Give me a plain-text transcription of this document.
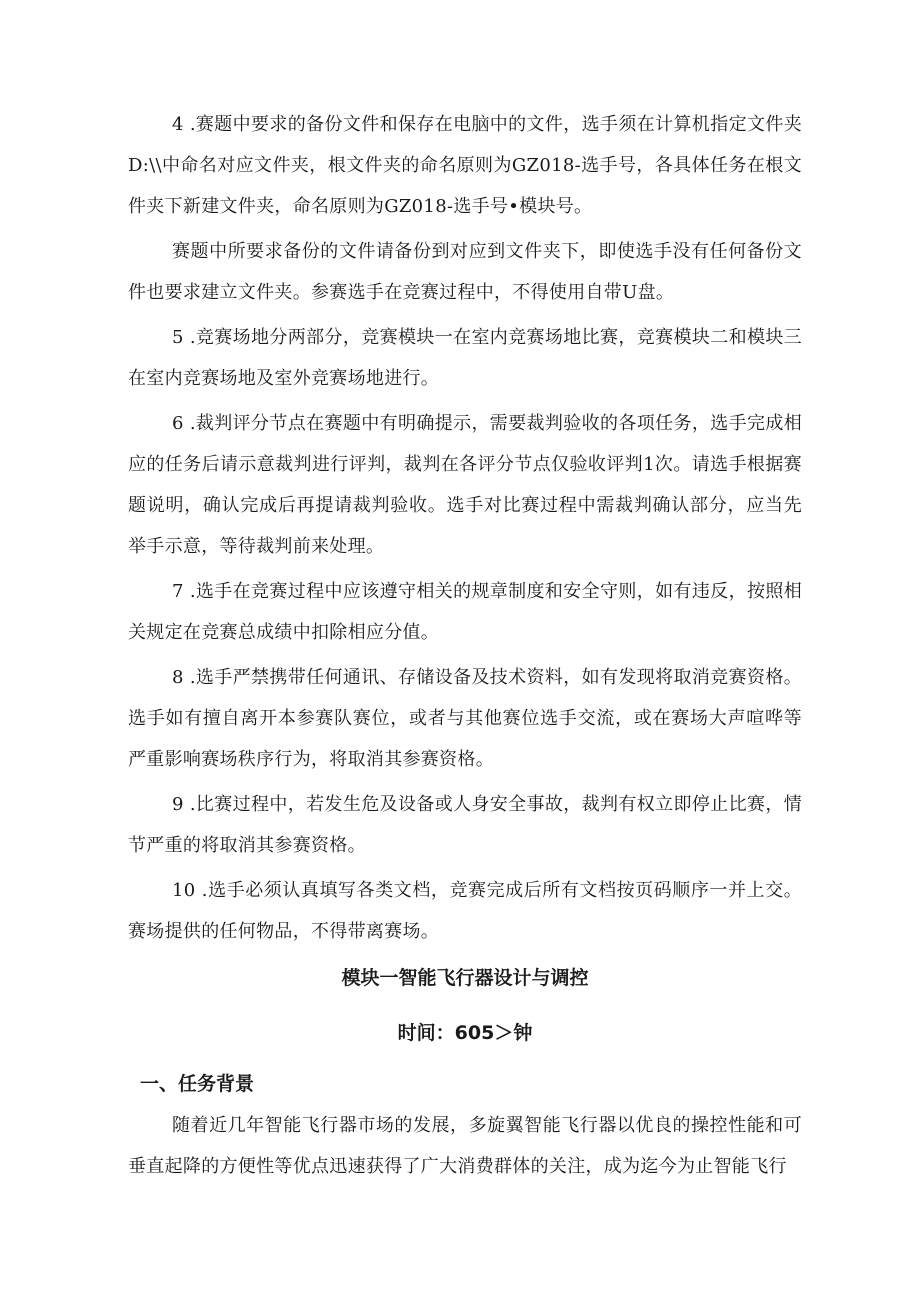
4 .赛题中要求的备份文件和保存在电脑中的文件，选手须在计算机指定文件夹D:\\中命名对应文件夹，根文件夹的命名原则为GZ018-选手号，各具体任务在根文件夹下新建文件夹，命名原则为GZ018-选手号•模块号。

赛题中所要求备份的文件请备份到对应到文件夹下，即使选手没有任何备份文件也要求建立文件夹。参赛选手在竞赛过程中，不得使用自带U盘。

5 .竞赛场地分两部分，竞赛模块一在室内竞赛场地比赛，竞赛模块二和模块三在室内竞赛场地及室外竞赛场地进行。

6 .裁判评分节点在赛题中有明确提示，需要裁判验收的各项任务，选手完成相应的任务后请示意裁判进行评判，裁判在各评分节点仅验收评判1次。请选手根据赛题说明，确认完成后再提请裁判验收。选手对比赛过程中需裁判确认部分，应当先举手示意，等待裁判前来处理。

7 .选手在竞赛过程中应该遵守相关的规章制度和安全守则，如有违反，按照相关规定在竞赛总成绩中扣除相应分值。

8 .选手严禁携带任何通讯、存储设备及技术资料，如有发现将取消竞赛资格。选手如有擅自离开本参赛队赛位，或者与其他赛位选手交流，或在赛场大声喧哗等严重影响赛场秩序行为，将取消其参赛资格。

9 .比赛过程中，若发生危及设备或人身安全事故，裁判有权立即停止比赛，情节严重的将取消其参赛资格。

10 .选手必须认真填写各类文档，竞赛完成后所有文档按页码顺序一并上交。赛场提供的任何物品，不得带离赛场。

模块一智能飞行器设计与调控
时间：605＞钟
一、任务背景

随着近几年智能飞行器市场的发展，多旋翼智能飞行器以优良的操控性能和可垂直起降的方便性等优点迅速获得了广大消费群体的关注，成为迄今为止智能飞行
